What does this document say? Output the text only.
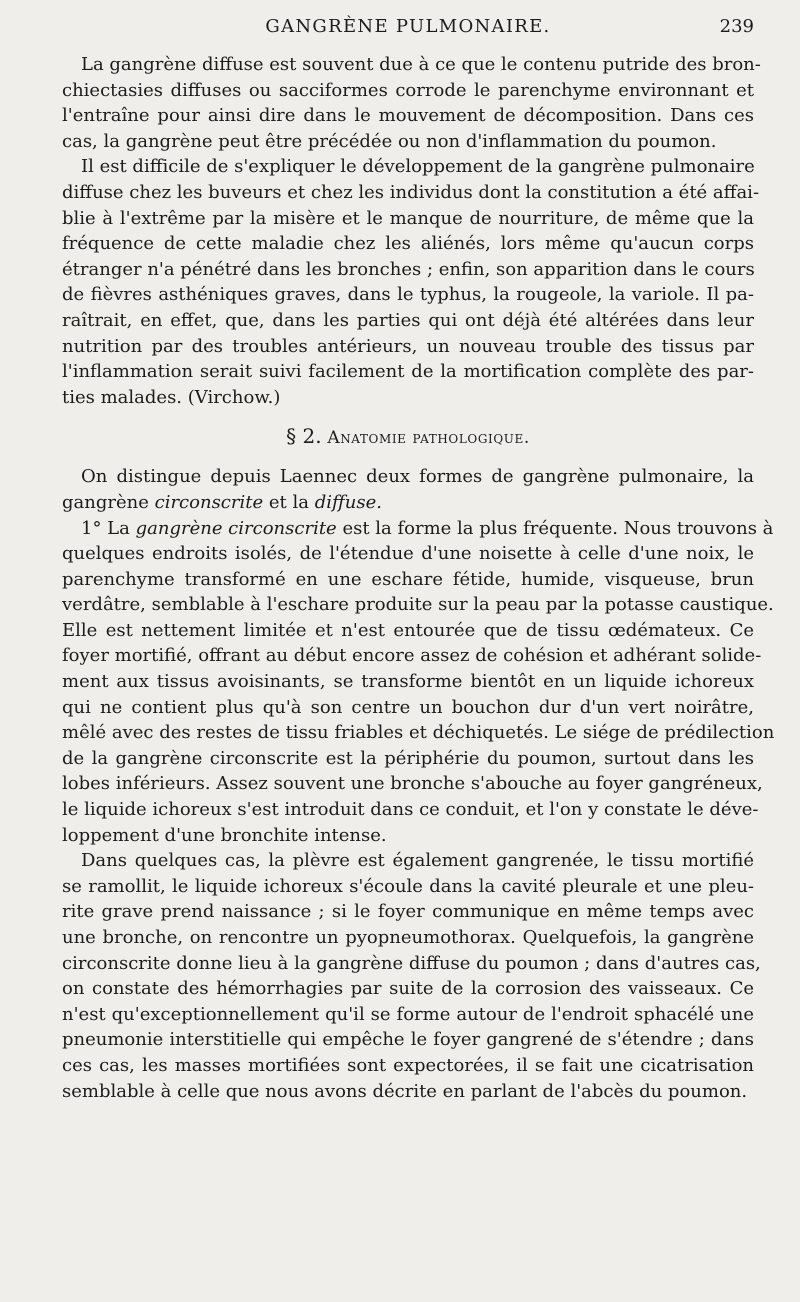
GANGRÈNE PULMONAIRE.	239
La gangrène diffuse est souvent due à ce que le contenu putride des bron-
chiectasies diffuses ou sacciformes corrode le parenchyme environnant et
l'entraîne pour ainsi dire dans le mouvement de décomposition. Dans ces
cas, la gangrène peut être précédée ou non d'inflammation du poumon.
Il est difficile de s'expliquer le développement de la gangrène pulmonaire
diffuse chez les buveurs et chez les individus dont la constitution a été affai-
blie à l'extrême par la misère et le manque de nourriture, de même que la
fréquence de cette maladie chez les aliénés, lors même qu'aucun corps
étranger n'a pénétré dans les bronches ; enfin, son apparition dans le cours
de fièvres asthéniques graves, dans le typhus, la rougeole, la variole. Il pa-
raîtrait, en effet, que, dans les parties qui ont déjà été altérées dans leur
nutrition par des troubles antérieurs, un nouveau trouble des tissus par
l'inflammation serait suivi facilement de la mortification complète des par-
ties malades. (Virchow.)
§ 2. Anatomie pathologique.
On distingue depuis Laennec deux formes de gangrène pulmonaire, la
gangrène circonscrite et la diffuse.
1° La gangrène circonscrite est la forme la plus fréquente. Nous trouvons à
quelques endroits isolés, de l'étendue d'une noisette à celle d'une noix, le
parenchyme transformé en une eschare fétide, humide, visqueuse, brun
verdâtre, semblable à l'eschare produite sur la peau par la potasse caustique.
Elle est nettement limitée et n'est entourée que de tissu œdémateux. Ce
foyer mortifié, offrant au début encore assez de cohésion et adhérant solide-
ment aux tissus avoisinants, se transforme bientôt en un liquide ichoreux
qui ne contient plus qu'à son centre un bouchon dur d'un vert noirâtre,
mêlé avec des restes de tissu friables et déchiquetés. Le siége de prédilection
de la gangrène circonscrite est la périphérie du poumon, surtout dans les
lobes inférieurs. Assez souvent une bronche s'abouche au foyer gangréneux,
le liquide ichoreux s'est introduit dans ce conduit, et l'on y constate le déve-
loppement d'une bronchite intense.
Dans quelques cas, la plèvre est également gangrenée, le tissu mortifié
se ramollit, le liquide ichoreux s'écoule dans la cavité pleurale et une pleu-
rite grave prend naissance ; si le foyer communique en même temps avec
une bronche, on rencontre un pyopneumothorax. Quelquefois, la gangrène
circonscrite donne lieu à la gangrène diffuse du poumon ; dans d'autres cas,
on constate des hémorrhagies par suite de la corrosion des vaisseaux. Ce
n'est qu'exceptionnellement qu'il se forme autour de l'endroit sphacélé une
pneumonie interstitielle qui empêche le foyer gangrené de s'étendre ; dans
ces cas, les masses mortifiées sont expectorées, il se fait une cicatrisation
semblable à celle que nous avons décrite en parlant de l'abcès du poumon.
